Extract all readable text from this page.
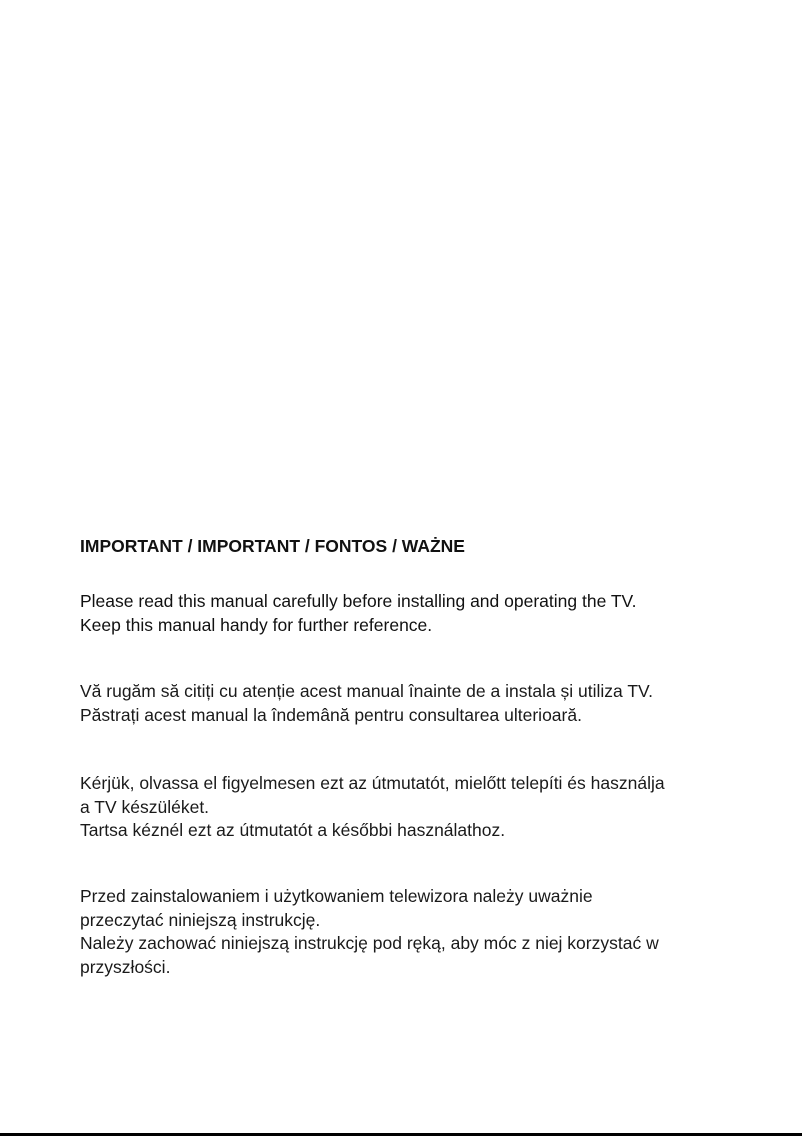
IMPORTANT / IMPORTANT / FONTOS / WAŻNE
Please read this manual carefully before installing and operating the TV.
Keep this manual handy for further reference.
Vă rugăm să citiți cu atenție acest manual înainte de a instala și utiliza TV.
Păstrați acest manual la îndemână pentru consultarea ulterioară.
Kérjük, olvassa el figyelmesen ezt az útmutatót, mielőtt telepíti és használja
a TV készüléket.
Tartsa kéznél ezt az útmutatót a későbbi használathoz.
Przed zainstalowaniem i użytkowaniem telewizora należy uważnie
przeczytać niniejszą instrukcję.
Należy zachować niniejszą instrukcję pod ręką, aby móc z niej korzystać w
przyszłości.
